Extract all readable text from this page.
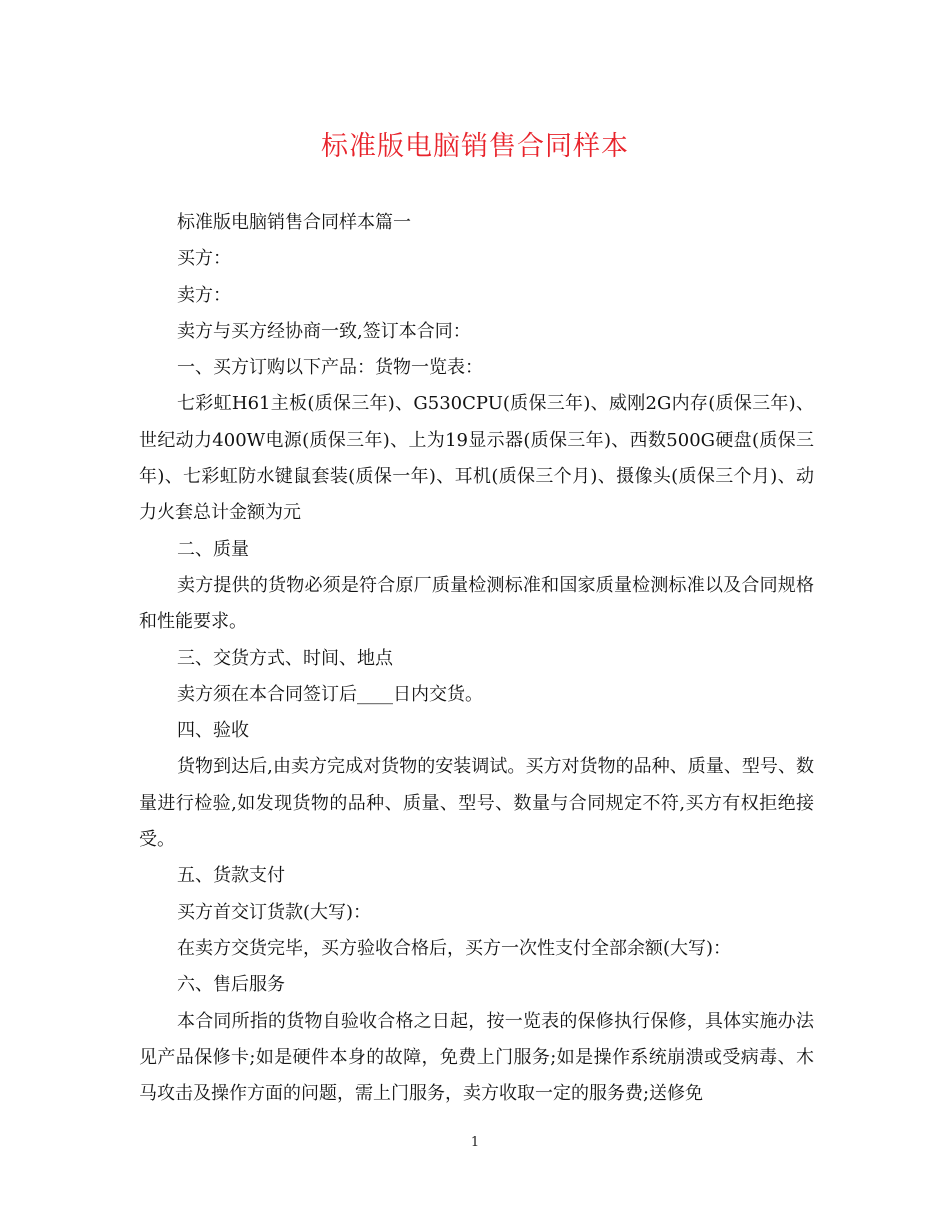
标准版电脑销售合同样本

标准版电脑销售合同样本篇一

买方：

卖方：

卖方与买方经协商一致,签订本合同：

一、买方订购以下产品：货物一览表：

七彩虹H61主板(质保三年)、G530CPU(质保三年)、威刚2G内存(质保三年)、世纪动力400W电源(质保三年)、上为19显示器(质保三年)、西数500G硬盘(质保三年)、七彩虹防水键鼠套装(质保一年)、耳机(质保三个月)、摄像头(质保三个月)、动力火套总计金额为元

二、质量

卖方提供的货物必须是符合原厂质量检测标准和国家质量检测标准以及合同规格和性能要求。

三、交货方式、时间、地点

卖方须在本合同签订后____日内交货。

四、验收

货物到达后,由卖方完成对货物的安装调试。买方对货物的品种、质量、型号、数量进行检验,如发现货物的品种、质量、型号、数量与合同规定不符,买方有权拒绝接受。

五、货款支付

买方首交订货款(大写)：

在卖方交货完毕，买方验收合格后，买方一次性支付全部余额(大写)：

六、售后服务

本合同所指的货物自验收合格之日起，按一览表的保修执行保修，具体实施办法见产品保修卡;如是硬件本身的故障，免费上门服务;如是操作系统崩溃或受病毒、木马攻击及操作方面的问题，需上门服务，卖方收取一定的服务费;送修免

1
